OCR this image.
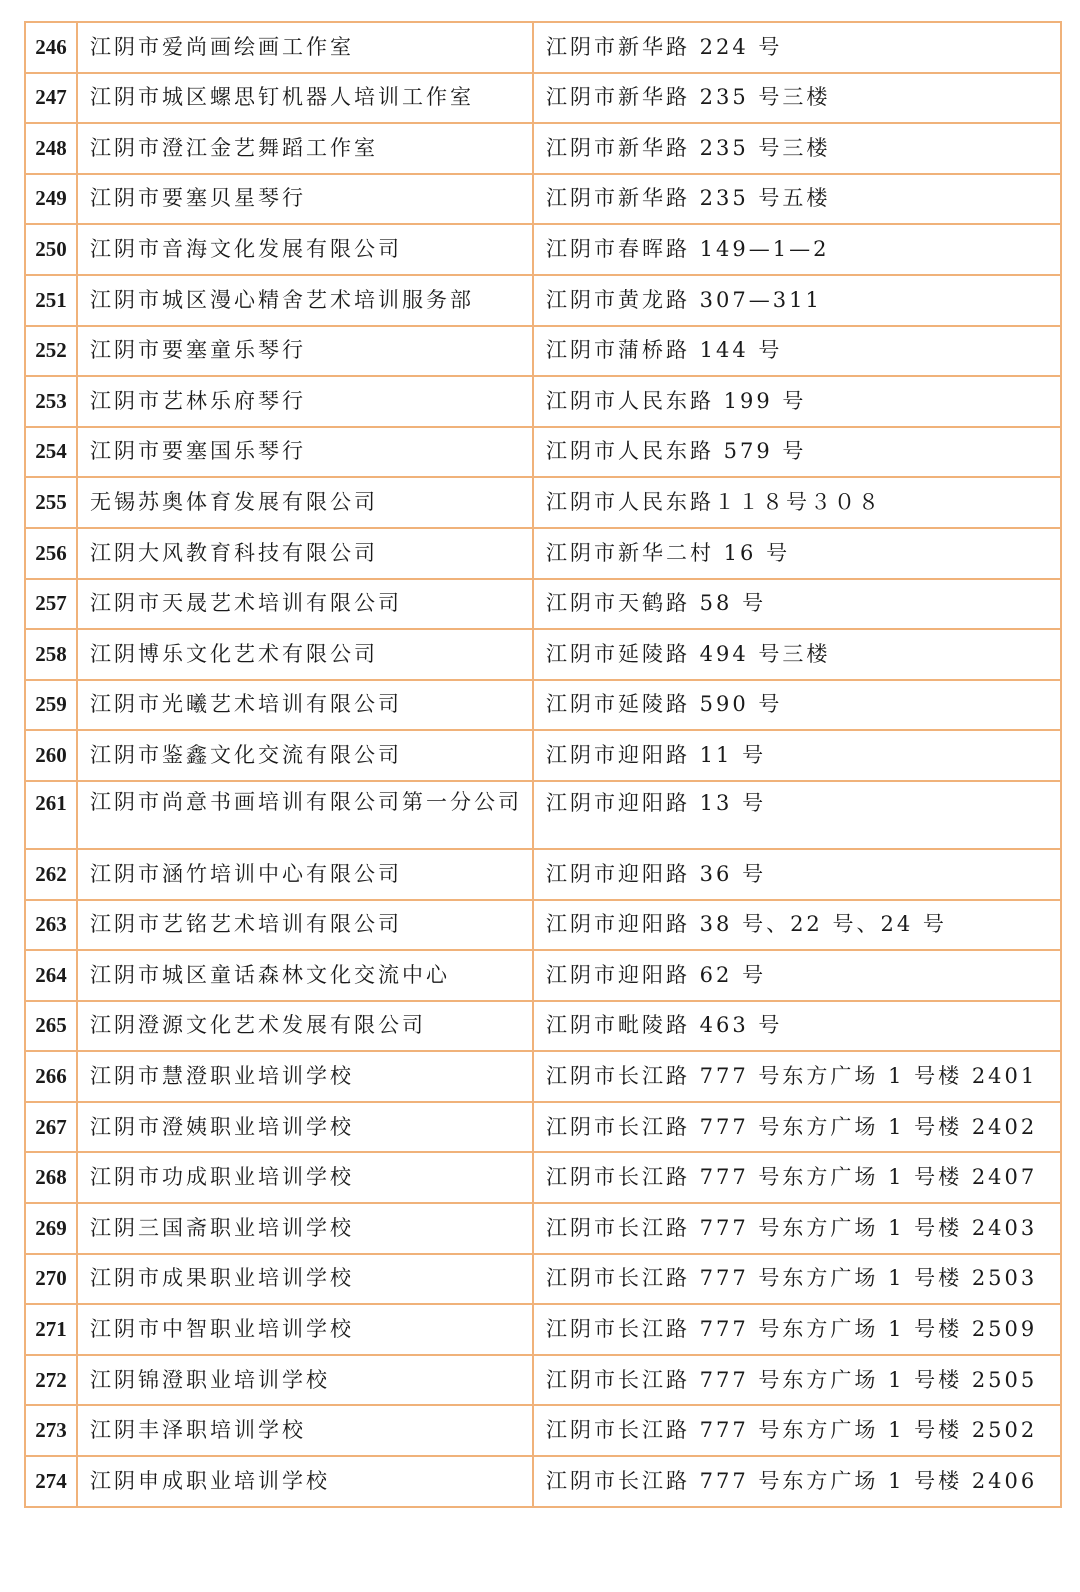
246	江阴市爱尚画绘画工作室	江阴市新华路 224 号
247	江阴市城区螺思钉机器人培训工作室	江阴市新华路 235 号三楼
248	江阴市澄江金艺舞蹈工作室	江阴市新华路 235 号三楼
249	江阴市要塞贝星琴行	江阴市新华路 235 号五楼
250	江阴市音海文化发展有限公司	江阴市春晖路 149—1—2
251	江阴市城区漫心精舍艺术培训服务部	江阴市黄龙路 307—311
252	江阴市要塞童乐琴行	江阴市蒲桥路 144 号
253	江阴市艺林乐府琴行	江阴市人民东路 199 号
254	江阴市要塞国乐琴行	江阴市人民东路 579 号
255	无锡苏奥体育发展有限公司	江阴市人民东路１１８号３０８
256	江阴大风教育科技有限公司	江阴市新华二村 16 号
257	江阴市天晟艺术培训有限公司	江阴市天鹤路 58 号
258	江阴博乐文化艺术有限公司	江阴市延陵路 494 号三楼
259	江阴市光曦艺术培训有限公司	江阴市延陵路 590 号
260	江阴市鉴鑫文化交流有限公司	江阴市迎阳路 11 号

261	江阴市尚意书画培训有限公司第一分公司	江阴市迎阳路 13 号

262	江阴市涵竹培训中心有限公司	江阴市迎阳路 36 号
263	江阴市艺铭艺术培训有限公司	江阴市迎阳路 38 号、22 号、24 号
264	江阴市城区童话森林文化交流中心	江阴市迎阳路 62 号
265	江阴澄源文化艺术发展有限公司	江阴市毗陵路 463 号
266	江阴市慧澄职业培训学校	江阴市长江路 777 号东方广场 1 号楼 2401
267	江阴市澄姨职业培训学校	江阴市长江路 777 号东方广场 1 号楼 2402
268	江阴市功成职业培训学校	江阴市长江路 777 号东方广场 1 号楼 2407
269	江阴三国斋职业培训学校	江阴市长江路 777 号东方广场 1 号楼 2403
270	江阴市成果职业培训学校	江阴市长江路 777 号东方广场 1 号楼 2503
271	江阴市中智职业培训学校	江阴市长江路 777 号东方广场 1 号楼 2509
272	江阴锦澄职业培训学校	江阴市长江路 777 号东方广场 1 号楼 2505
273	江阴丰泽职培训学校	江阴市长江路 777 号东方广场 1 号楼 2502
274	江阴申成职业培训学校	江阴市长江路 777 号东方广场 1 号楼 2406
